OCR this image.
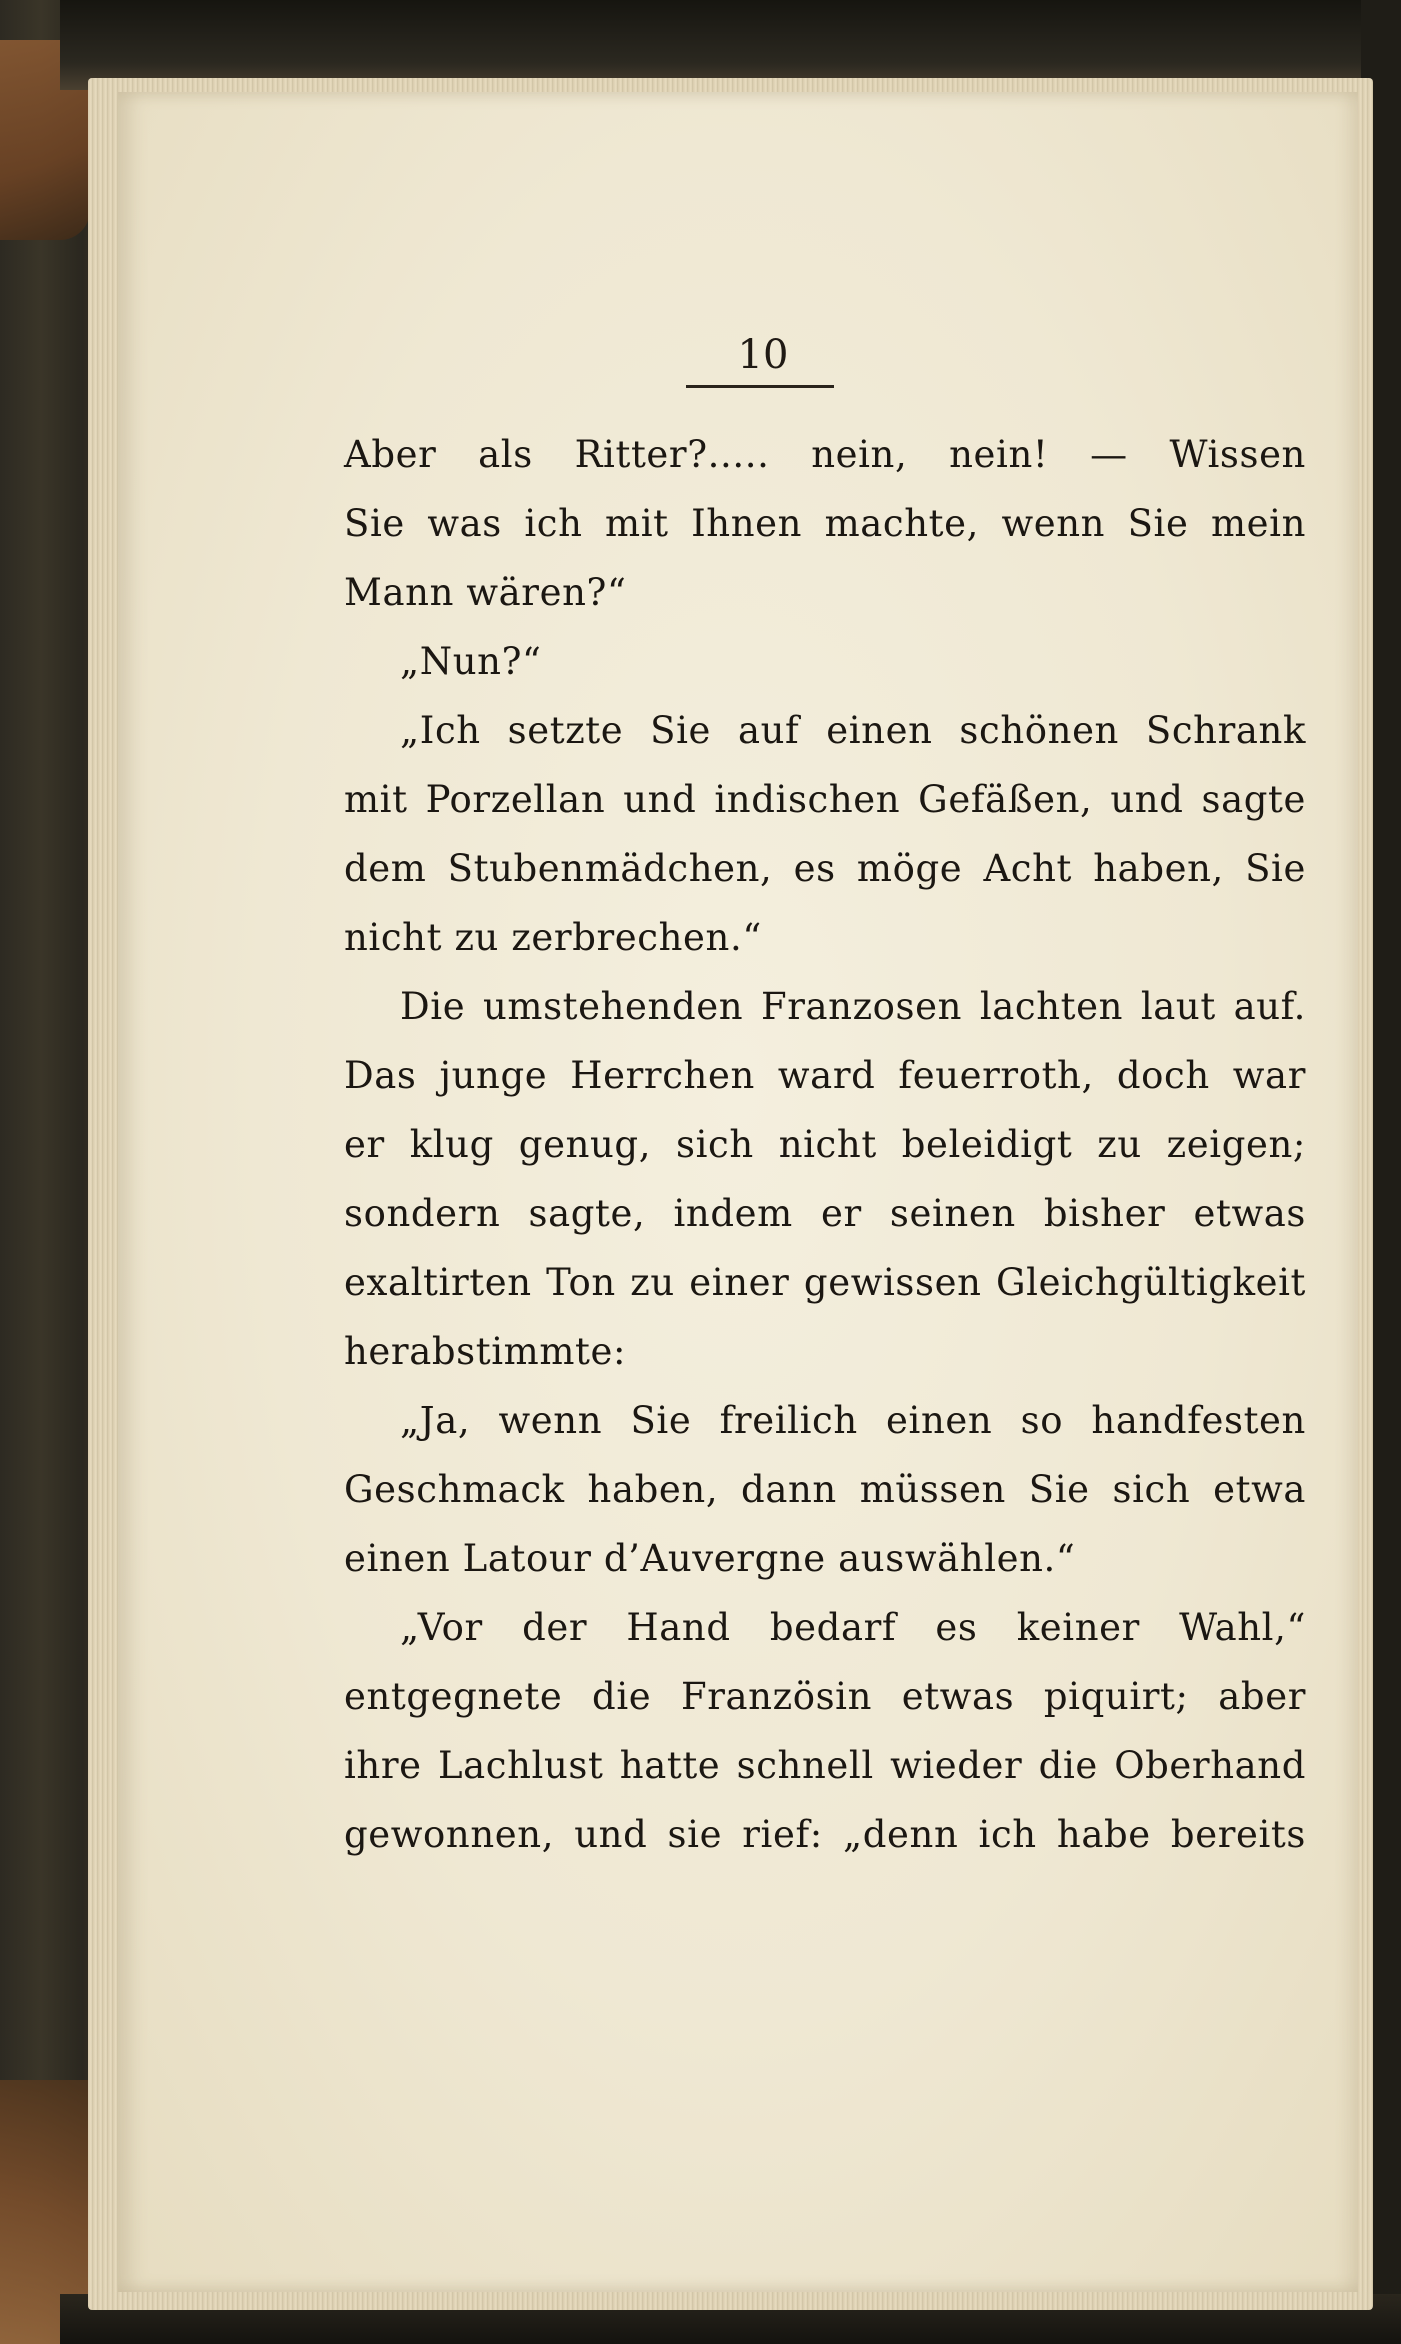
10

Aber als Ritter?..... nein, nein! — Wissen
Sie was ich mit Ihnen machte, wenn Sie mein
Mann wären?“
„Nun?“
„Ich setzte Sie auf einen schönen Schrank
mit Porzellan und indischen Gefäßen, und sagte
dem Stubenmädchen, es möge Acht haben, Sie
nicht zu zerbrechen.“
Die umstehenden Franzosen lachten laut auf.
Das junge Herrchen ward feuerroth, doch war
er klug genug, sich nicht beleidigt zu zeigen;
sondern sagte, indem er seinen bisher etwas
exaltirten Ton zu einer gewissen Gleichgültigkeit
herabstimmte:
„Ja, wenn Sie freilich einen so handfesten
Geschmack haben, dann müssen Sie sich etwa
einen Latour d’Auvergne auswählen.“
„Vor der Hand bedarf es keiner Wahl,“
entgegnete die Französin etwas piquirt; aber
ihre Lachlust hatte schnell wieder die Oberhand
gewonnen, und sie rief: „denn ich habe bereits
